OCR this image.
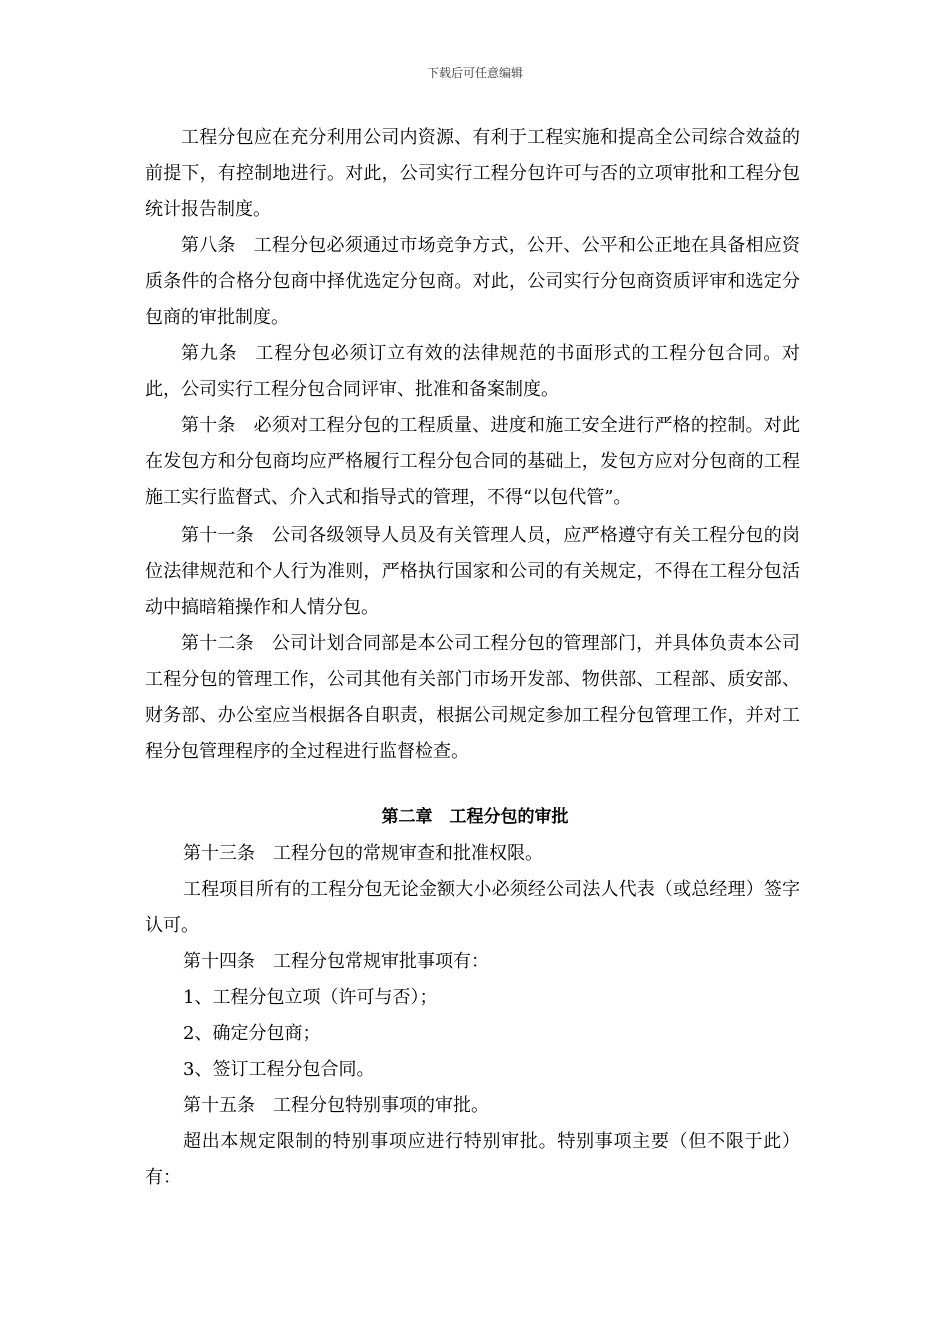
下载后可任意编辑

工程分包应在充分利用公司内资源、有利于工程实施和提高全公司综合效益的前提下，有控制地进行。对此，公司实行工程分包许可与否的立项审批和工程分包统计报告制度。

第八条 工程分包必须通过市场竞争方式，公开、公平和公正地在具备相应资质条件的合格分包商中择优选定分包商。对此，公司实行分包商资质评审和选定分包商的审批制度。

第九条 工程分包必须订立有效的法律规范的书面形式的工程分包合同。对此，公司实行工程分包合同评审、批准和备案制度。

第十条 必须对工程分包的工程质量、进度和施工安全进行严格的控制。对此在发包方和分包商均应严格履行工程分包合同的基础上，发包方应对分包商的工程施工实行监督式、介入式和指导式的管理，不得“以包代管”。

第十一条 公司各级领导人员及有关管理人员，应严格遵守有关工程分包的岗位法律规范和个人行为准则，严格执行国家和公司的有关规定，不得在工程分包活动中搞暗箱操作和人情分包。

第十二条 公司计划合同部是本公司工程分包的管理部门，并具体负责本公司工程分包的管理工作，公司其他有关部门市场开发部、物供部、工程部、质安部、财务部、办公室应当根据各自职责，根据公司规定参加工程分包管理工作，并对工程分包管理程序的全过程进行监督检查。

第二章　工程分包的审批

第十三条 工程分包的常规审查和批准权限。

工程项目所有的工程分包无论金额大小必须经公司法人代表（或总经理）签字认可。

第十四条 工程分包常规审批事项有：

1、工程分包立项（许可与否）；

2、确定分包商；

3、签订工程分包合同。

第十五条 工程分包特别事项的审批。

超出本规定限制的特别事项应进行特别审批。特别事项主要（但不限于此）有：
